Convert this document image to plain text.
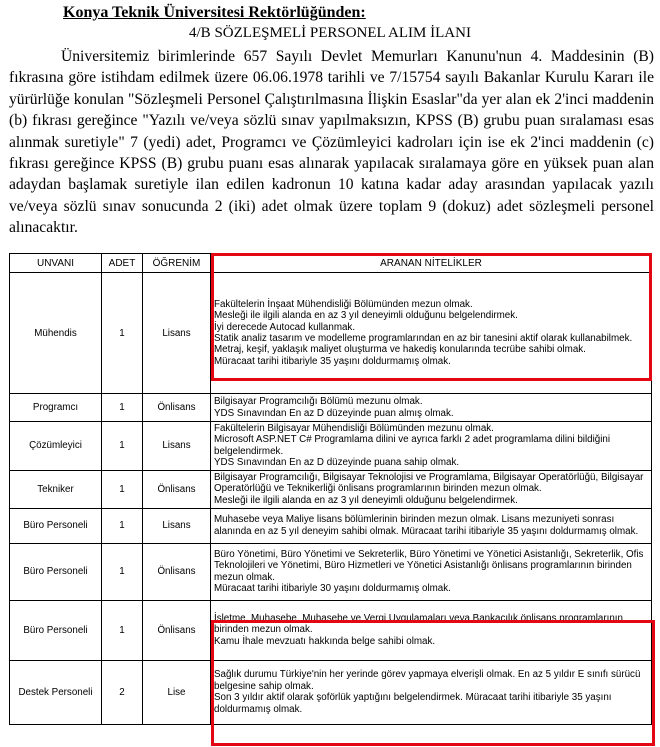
Konya Teknik Üniversitesi Rektörlüğünden:
4/B SÖZLEŞMELİ PERSONEL ALIM İLANI

Üniversitemiz birimlerinde 657 Sayılı Devlet Memurları Kanunu'nun 4. Maddesinin (B) fıkrasına göre istihdam edilmek üzere 06.06.1978 tarihli ve 7/15754 sayılı Bakanlar Kurulu Kararı ile yürürlüğe konulan "Sözleşmeli Personel Çalıştırılmasına İlişkin Esaslar"da yer alan ek 2'inci maddenin (b) fıkrası gereğince "Yazılı ve/veya sözlü sınav yapılmaksızın, KPSS (B) grubu puan sıralaması esas alınmak suretiyle" 7 (yedi) adet, Programcı ve Çözümleyici kadroları için ise ek 2'inci maddenin (c) fıkrası gereğince KPSS (B) grubu puanı esas alınarak yapılacak sıralamaya göre en yüksek puan alan adaydan başlamak suretiyle ilan edilen kadronun 10 katına kadar aday arasından yapılacak yazılı ve/veya sözlü sınav sonucunda 2 (iki) adet olmak üzere toplam 9 (dokuz) adet sözleşmeli personel alınacaktır.

UNVANI	ADET	ÖĞRENİM	ARANAN NİTELİKLER
Mühendis	1	Lisans	Fakültelerin İnşaat Mühendisliği Bölümünden mezun olmak.
Mesleği ile ilgili alanda en az 3 yıl deneyimli olduğunu belgelendirmek.
İyi derecede Autocad kullanmak.
Statik analiz tasarım ve modelleme programlarından en az bir tanesini aktif olarak kullanabilmek. Metraj, keşif, yaklaşık maliyet oluşturma ve hakediş konularında tecrübe sahibi olmak.
Müracaat tarihi itibariyle 35 yaşını doldurmamış olmak.

Programcı	1	Önlisans	Bilgisayar Programcılığı Bölümü mezunu olmak.
YDS Sınavından En az D düzeyinde puan almış olmak.

Çözümleyici	1	Lisans	Fakültelerin Bilgisayar Mühendisliği Bölümünden mezunu olmak.
Microsoft ASP.NET C# Programlama dilini ve ayrıca farklı 2 adet programlama dilini bildiğini belgelendirmek.
YDS Sınavından En az D düzeyinde puana sahip olmak.

Tekniker	1	Önlisans	Bilgisayar Programcılığı, Bilgisayar Teknolojisi ve Programlama, Bilgisayar Operatörlüğü, Bilgisayar Operatörlüğü ve Teknikerliği önlisans programlarının birinden mezun olmak.
Mesleği ile ilgili alanda en az 3 yıl deneyimli olduğunu belgelendirmek.

Büro Personeli	1	Lisans	Muhasebe veya Maliye lisans bölümlerinin birinden mezun olmak. Lisans mezuniyeti sonrası alanında en az 5 yıl deneyim sahibi olmak. Müracaat tarihi itibariyle 35 yaşını doldurmamış olmak.

Büro Personeli	1	Önlisans	Büro Yönetimi, Büro Yönetimi ve Sekreterlik, Büro Yönetimi ve Yönetici Asistanlığı, Sekreterlik, Ofis Teknolojileri ve Yönetimi, Büro Hizmetleri ve Yönetici Asistanlığı önlisans programlarının birinden mezun olmak.
Müracaat tarihi itibariyle 30 yaşını doldurmamış olmak.

Büro Personeli	1	Önlisans	İşletme, Muhasebe, Muhasebe ve Vergi Uygulamaları veya Bankacılık önlisans programlarının
birinden mezun olmak.
Kamu İhale mevzuatı hakkında belge sahibi olmak.

Destek Personeli	2	Lise	Sağlık durumu Türkiye'nin her yerinde görev yapmaya elverişli olmak. En az 5 yıldır E sınıfı sürücü belgesine sahip olmak.
Son 3 yıldır aktif olarak şoförlük yaptığını belgelendirmek. Müracaat tarihi itibariyle 35 yaşını doldurmamış olmak.
